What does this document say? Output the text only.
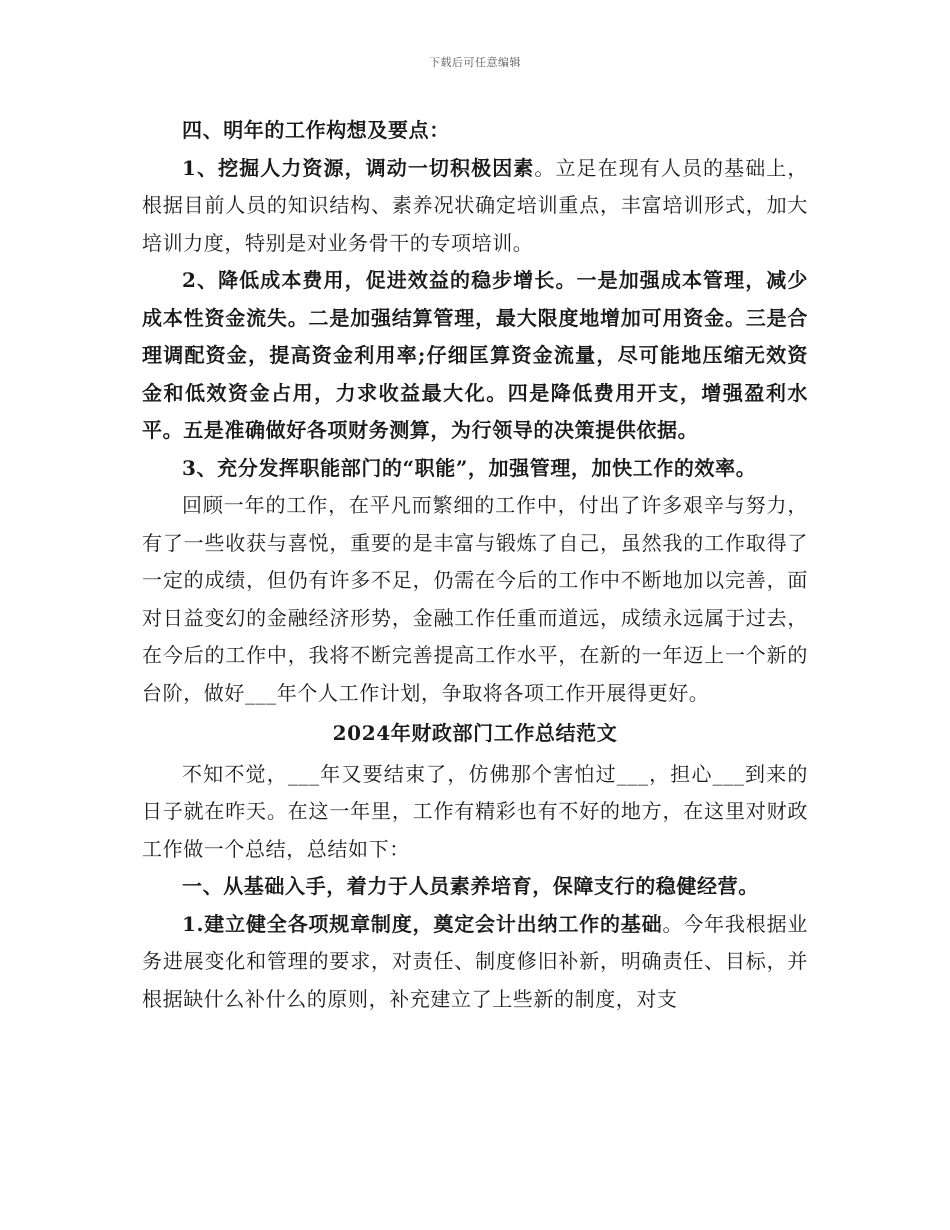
下载后可任意编辑

四、明年的工作构想及要点：

1、挖掘人力资源，调动一切积极因素。立足在现有人员的基础上，根据目前人员的知识结构、素养况状确定培训重点，丰富培训形式，加大培训力度，特别是对业务骨干的专项培训。

2、降低成本费用，促进效益的稳步增长。一是加强成本管理，减少成本性资金流失。二是加强结算管理，最大限度地增加可用资金。三是合理调配资金，提高资金利用率;仔细匡算资金流量，尽可能地压缩无效资金和低效资金占用，力求收益最大化。四是降低费用开支，增强盈利水平。五是准确做好各项财务测算，为行领导的决策提供依据。

3、充分发挥职能部门的“职能”，加强管理，加快工作的效率。

回顾一年的工作，在平凡而繁细的工作中，付出了许多艰辛与努力，有了一些收获与喜悦，重要的是丰富与锻炼了自己，虽然我的工作取得了一定的成绩，但仍有许多不足，仍需在今后的工作中不断地加以完善，面对日益变幻的金融经济形势，金融工作任重而道远，成绩永远属于过去，在今后的工作中，我将不断完善提高工作水平，在新的一年迈上一个新的台阶，做好___年个人工作计划，争取将各项工作开展得更好。

2024年财政部门工作总结范文

不知不觉，___年又要结束了，仿佛那个害怕过___，担心___到来的日子就在昨天。在这一年里，工作有精彩也有不好的地方，在这里对财政工作做一个总结，总结如下：

一、从基础入手，着力于人员素养培育，保障支行的稳健经营。

1.建立健全各项规章制度，奠定会计出纳工作的基础。今年我根据业务进展变化和管理的要求，对责任、制度修旧补新，明确责任、目标，并根据缺什么补什么的原则，补充建立了上些新的制度，对支
